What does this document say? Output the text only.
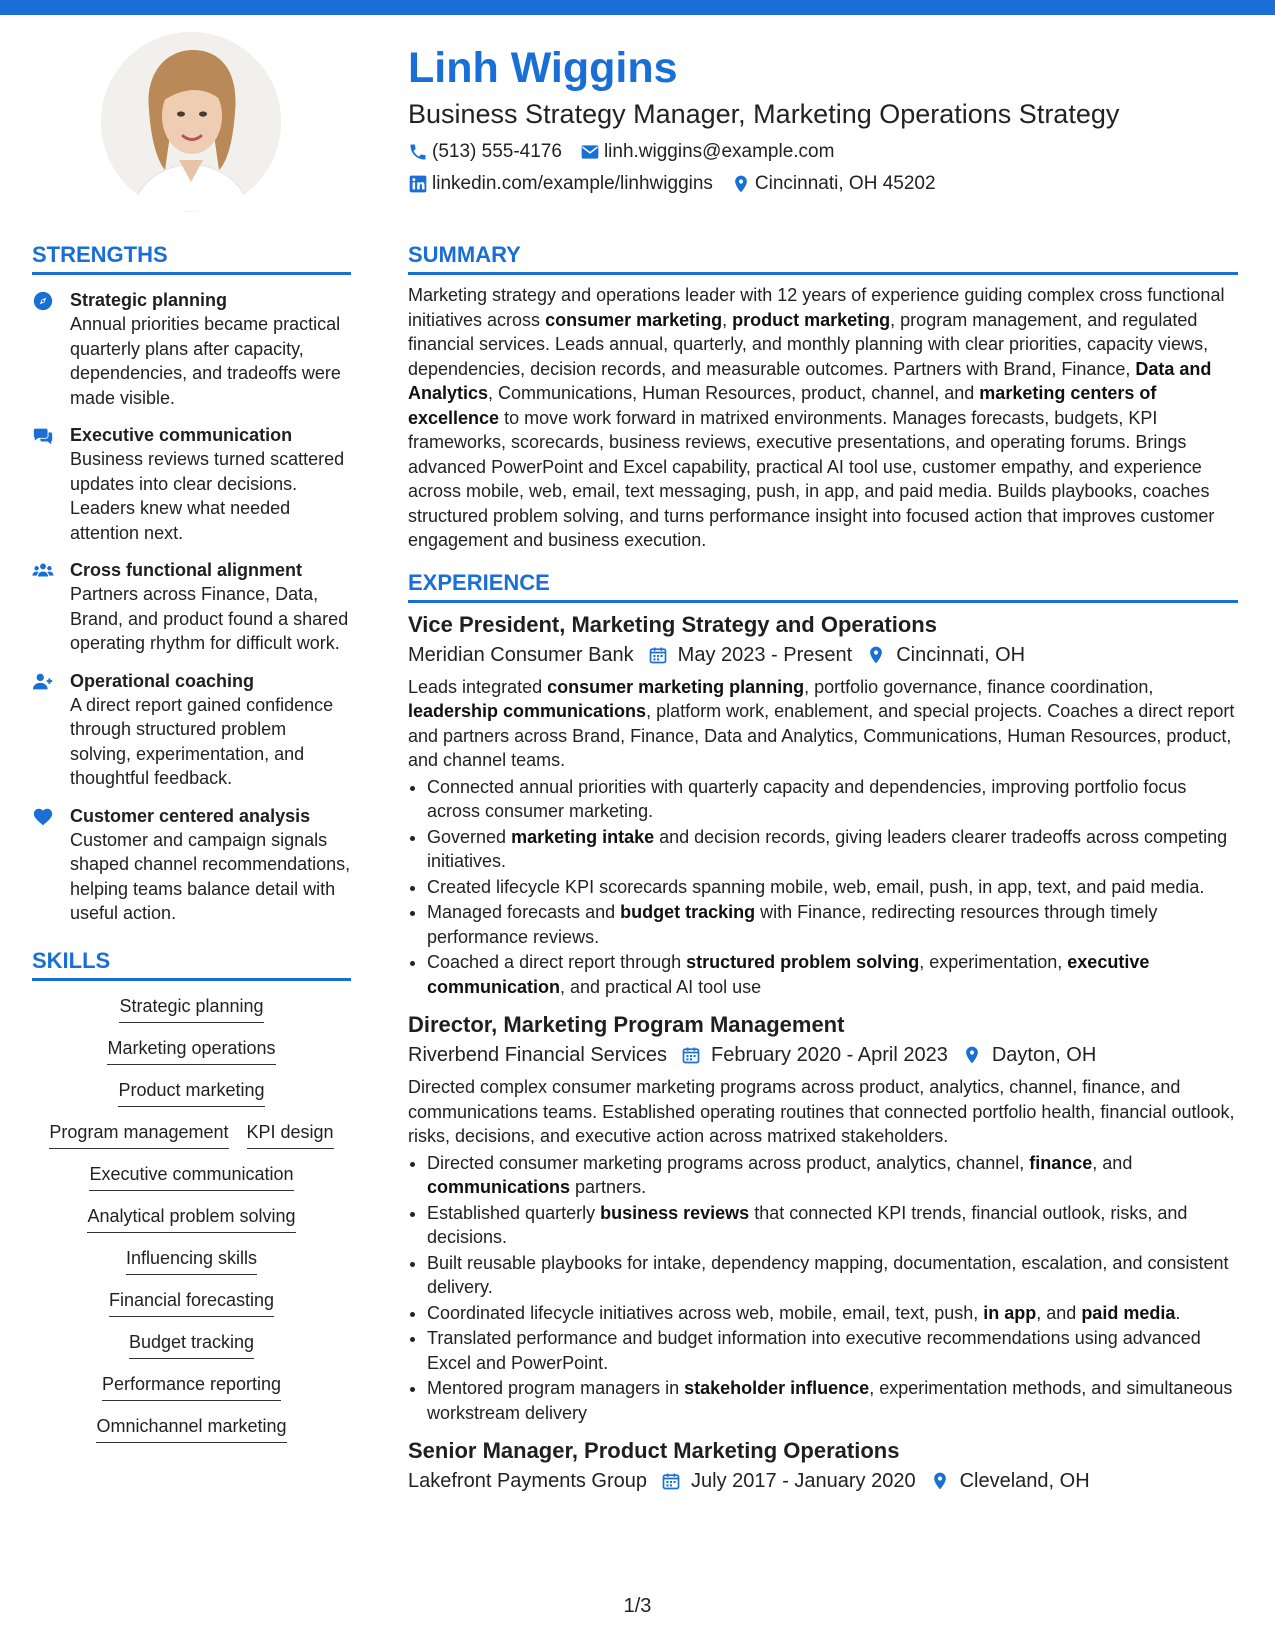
Linh Wiggins
Business Strategy Manager, Marketing Operations Strategy
(513) 555-4176 linh.wiggins@example.com
linkedin.com/example/linhwiggins Cincinnati, OH 45202
STRENGTHS
Strategic planning
Annual priorities became practical quarterly plans after capacity, dependencies, and tradeoffs were made visible.
Executive communication
Business reviews turned scattered updates into clear decisions. Leaders knew what needed attention next.
Cross functional alignment
Partners across Finance, Data, Brand, and product found a shared operating rhythm for difficult work.
Operational coaching
A direct report gained confidence through structured problem solving, experimentation, and thoughtful feedback.
Customer centered analysis
Customer and campaign signals shaped channel recommendations, helping teams balance detail with useful action.
SKILLS
Strategic planning
Marketing operations
Product marketing
Program management KPI design
Executive communication
Analytical problem solving
Influencing skills
Financial forecasting
Budget tracking
Performance reporting
Omnichannel marketing
SUMMARY
Marketing strategy and operations leader with 12 years of experience guiding complex cross functional initiatives across consumer marketing, product marketing, program management, and regulated financial services. Leads annual, quarterly, and monthly planning with clear priorities, capacity views, dependencies, decision records, and measurable outcomes. Partners with Brand, Finance, Data and Analytics, Communications, Human Resources, product, channel, and marketing centers of excellence to move work forward in matrixed environments. Manages forecasts, budgets, KPI frameworks, scorecards, business reviews, executive presentations, and operating forums. Brings advanced PowerPoint and Excel capability, practical AI tool use, customer empathy, and experience across mobile, web, email, text messaging, push, in app, and paid media. Builds playbooks, coaches structured problem solving, and turns performance insight into focused action that improves customer engagement and business execution.
EXPERIENCE
Vice President, Marketing Strategy and Operations
Meridian Consumer Bank May 2023 - Present Cincinnati, OH
Leads integrated consumer marketing planning, portfolio governance, finance coordination, leadership communications, platform work, enablement, and special projects. Coaches a direct report and partners across Brand, Finance, Data and Analytics, Communications, Human Resources, product, and channel teams.
• Connected annual priorities with quarterly capacity and dependencies, improving portfolio focus across consumer marketing.
• Governed marketing intake and decision records, giving leaders clearer tradeoffs across competing initiatives.
• Created lifecycle KPI scorecards spanning mobile, web, email, push, in app, text, and paid media.
• Managed forecasts and budget tracking with Finance, redirecting resources through timely performance reviews.
• Coached a direct report through structured problem solving, experimentation, executive communication, and practical AI tool use
Director, Marketing Program Management
Riverbend Financial Services February 2020 - April 2023 Dayton, OH
Directed complex consumer marketing programs across product, analytics, channel, finance, and communications teams. Established operating routines that connected portfolio health, financial outlook, risks, decisions, and executive action across matrixed stakeholders.
• Directed consumer marketing programs across product, analytics, channel, finance, and communications partners.
• Established quarterly business reviews that connected KPI trends, financial outlook, risks, and decisions.
• Built reusable playbooks for intake, dependency mapping, documentation, escalation, and consistent delivery.
• Coordinated lifecycle initiatives across web, mobile, email, text, push, in app, and paid media.
• Translated performance and budget information into executive recommendations using advanced Excel and PowerPoint.
• Mentored program managers in stakeholder influence, experimentation methods, and simultaneous workstream delivery
Senior Manager, Product Marketing Operations
Lakefront Payments Group July 2017 - January 2020 Cleveland, OH
1/3
